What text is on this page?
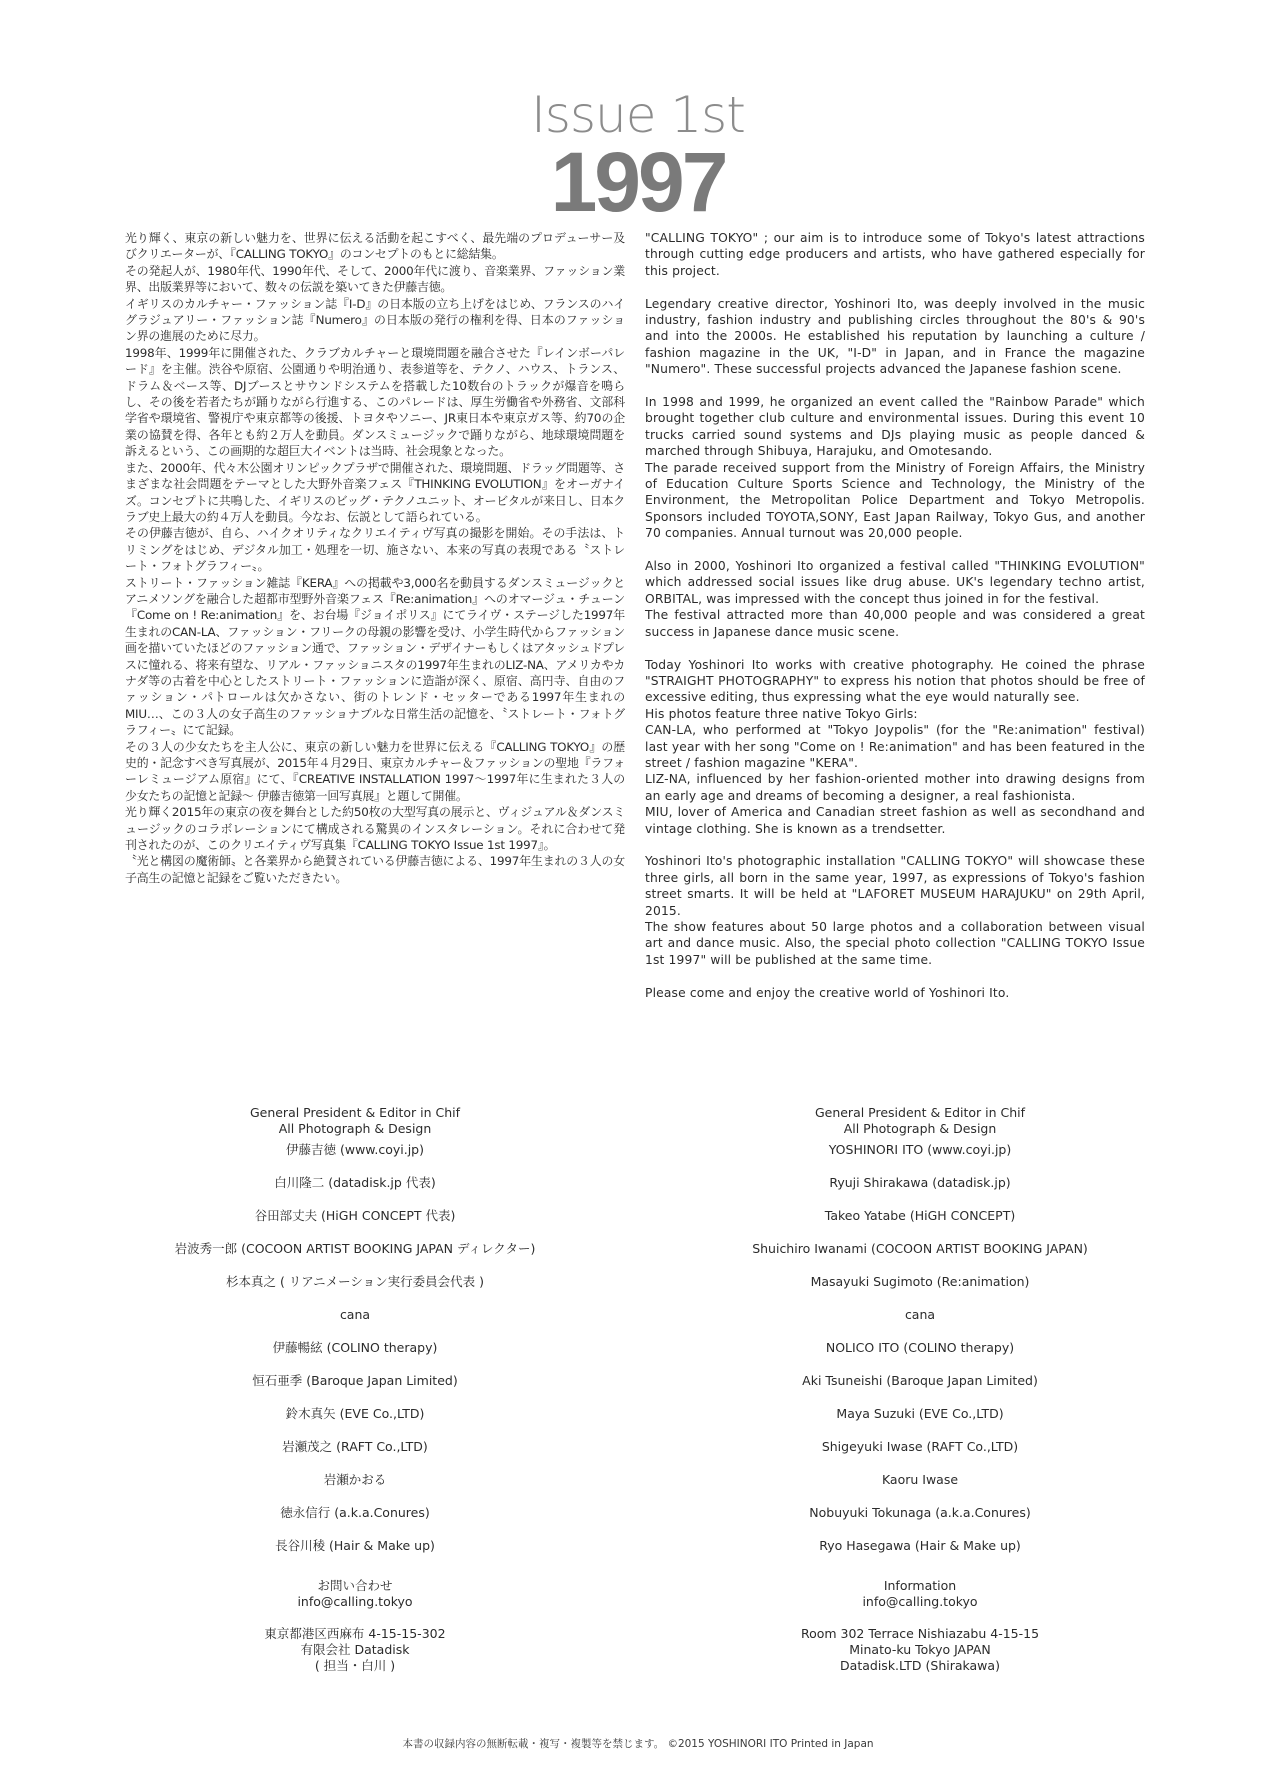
Issue 1st
1997

光り輝く、東京の新しい魅力を、世界に伝える活動を起こすべく、最先端のプロデューサー及びクリエーターが、『CALLING TOKYO』のコンセプトのもとに総結集。

その発起人が、1980年代、1990年代、そして、2000年代に渡り、音楽業界、ファッション業界、出版業界等において、数々の伝説を築いてきた伊藤吉徳。

イギリスのカルチャー・ファッション誌『I-D』の日本版の立ち上げをはじめ、フランスのハイグラジュアリー・ファッション誌『Numero』の日本版の発行の権利を得、日本のファッション界の進展のために尽力。

1998年、1999年に開催された、クラブカルチャーと環境問題を融合させた『レインボーパレード』を主催。渋谷や原宿、公園通りや明治通り、表参道等を、テクノ、ハウス、トランス、ドラム＆ベース等、DJブースとサウンドシステムを搭載した10数台のトラックが爆音を鳴らし、その後を若者たちが踊りながら行進する、このパレードは、厚生労働省や外務省、文部科学省や環境省、警視庁や東京都等の後援、トヨタやソニー、JR東日本や東京ガス等、約70の企業の協賛を得、各年とも約２万人を動員。ダンスミュージックで踊りながら、地球環境問題を訴えるという、この画期的な超巨大イベントは当時、社会現象となった。

また、2000年、代々木公園オリンピックプラザで開催された、環境問題、ドラッグ問題等、さまざまな社会問題をテーマとした大野外音楽フェス『THINKING EVOLUTION』をオーガナイズ。コンセプトに共鳴した、イギリスのビッグ・テクノユニット、オービタルが来日し、日本クラブ史上最大の約４万人を動員。今なお、伝説として語られている。

その伊藤吉徳が、自ら、ハイクオリティなクリエイティヴ写真の撮影を開始。その手法は、トリミングをはじめ、デジタル加工・処理を一切、施さない、本来の写真の表現である〝ストレート・フォトグラフィー〟。

ストリート・ファッション雑誌『KERA』への掲載や3,000名を動員するダンスミュージックとアニメソングを融合した超都市型野外音楽フェス『Re:animation』へのオマージュ・チューン『Come on ! Re:animation』を、お台場『ジョイポリス』にてライヴ・ステージした1997年生まれのCAN-LA、ファッション・フリークの母親の影響を受け、小学生時代からファッション画を描いていたほどのファッション通で、ファッション・デザイナーもしくはアタッシュドプレスに憧れる、将来有望な、リアル・ファッショニスタの1997年生まれのLIZ-NA、アメリカやカナダ等の古着を中心としたストリート・ファッションに造詣が深く、原宿、高円寺、自由のファッション・パトロールは欠かさない、街のトレンド・セッターである1997年生まれのMIU…、この３人の女子高生のファッショナブルな日常生活の記憶を、〝ストレート・フォトグラフィー〟にて記録。

その３人の少女たちを主人公に、東京の新しい魅力を世界に伝える『CALLING TOKYO』の歴史的・記念すべき写真展が、2015年４月29日、東京カルチャー＆ファッションの聖地『ラフォーレミュージアム原宿』にて、『CREATIVE INSTALLATION 1997～1997年に生まれた３人の少女たちの記憶と記録～ 伊藤吉徳第一回写真展』と題して開催。

光り輝く2015年の東京の夜を舞台とした約50枚の大型写真の展示と、ヴィジュアル＆ダンスミュージックのコラボレーションにて構成される驚異のインスタレーション。それに合わせて発刊されたのが、このクリエイティヴ写真集『CALLING TOKYO Issue 1st 1997』。

〝光と構図の魔術師〟と各業界から絶賛されている伊藤吉徳による、1997年生まれの３人の女子高生の記憶と記録をご覧いただきたい。

"CALLING TOKYO" ; our aim is to introduce some of Tokyo's latest attractions through cutting edge producers and artists, who have gathered especially for this project.

Legendary creative director, Yoshinori Ito, was deeply involved in the music industry, fashion industry and publishing circles throughout the 80's & 90's and into the 2000s. He established his reputation by launching a culture / fashion magazine in the UK, "I-D" in Japan, and in France the magazine "Numero". These successful projects advanced the Japanese fashion scene.

In 1998 and 1999, he organized an event called the "Rainbow Parade" which brought together club culture and environmental issues. During this event 10 trucks carried sound systems and DJs playing music as people danced & marched through Shibuya, Harajuku, and Omotesando.

The parade received support from the Ministry of Foreign Affairs, the Ministry of Education Culture Sports Science and Technology, the Ministry of the Environment, the Metropolitan Police Department and Tokyo Metropolis. Sponsors included TOYOTA,SONY, East Japan Railway, Tokyo Gus, and another 70 companies. Annual turnout was 20,000 people.

Also in 2000, Yoshinori Ito organized a festival called "THINKING EVOLUTION" which addressed social issues like drug abuse. UK's legendary techno artist, ORBITAL, was impressed with the concept thus joined in for the festival.

The festival attracted more than 40,000 people and was considered a great success in Japanese dance music scene.

Today Yoshinori Ito works with creative photography. He coined the phrase "STRAIGHT PHOTOGRAPHY" to express his notion that photos should be free of excessive editing, thus expressing what the eye would naturally see.

His photos feature three native Tokyo Girls:

CAN-LA, who performed at "Tokyo Joypolis" (for the "Re:animation" festival) last year with her song "Come on ! Re:animation" and has been featured in the street / fashion magazine "KERA".

LIZ-NA, influenced by her fashion-oriented mother into drawing designs from an early age and dreams of becoming a designer, a real fashionista.

MIU, lover of America and Canadian street fashion as well as secondhand and vintage clothing. She is known as a trendsetter.

Yoshinori Ito's photographic installation "CALLING TOKYO" will showcase these three girls, all born in the same year, 1997, as expressions of Tokyo's fashion street smarts. It will be held at "LAFORET MUSEUM HARAJUKU" on 29th April, 2015.

The show features about 50 large photos and a collaboration between visual art and dance music. Also, the special photo collection "CALLING TOKYO Issue 1st 1997" will be published at the same time.

Please come and enjoy the creative world of Yoshinori Ito.

General President & Editor in Chif
All Photograph & Design

伊藤吉徳 (www.coyi.jp)

白川隆二 (datadisk.jp 代表)

谷田部丈夫 (HiGH CONCEPT 代表)

岩波秀一郎 (COCOON ARTIST BOOKING JAPAN ディレクター)

杉本真之 ( リアニメーション実行委員会代表 )

cana

伊藤暢絃 (COLINO therapy)

恒石亜季 (Baroque Japan Limited)

鈴木真矢 (EVE Co.,LTD)

岩瀬茂之 (RAFT Co.,LTD)

岩瀬かおる

徳永信行 (a.k.a.Conures)

長谷川稜 (Hair & Make up)

General President & Editor in Chif
All Photograph & Design

YOSHINORI ITO (www.coyi.jp)

Ryuji Shirakawa (datadisk.jp)

Takeo Yatabe (HiGH CONCEPT)

Shuichiro Iwanami (COCOON ARTIST BOOKING JAPAN)

Masayuki Sugimoto (Re:animation)

cana

NOLICO ITO (COLINO therapy)

Aki Tsuneishi (Baroque Japan Limited)

Maya Suzuki (EVE Co.,LTD)

Shigeyuki Iwase (RAFT Co.,LTD)

Kaoru Iwase

Nobuyuki Tokunaga (a.k.a.Conures)

Ryo Hasegawa (Hair & Make up)

お問い合わせ

info@calling.tokyo

東京都港区西麻布 4-15-15-302

有限会社 Datadisk

( 担当・白川 )

Information

info@calling.tokyo

Room 302 Terrace Nishiazabu 4-15-15

Minato-ku Tokyo JAPAN

Datadisk.LTD (Shirakawa)

本書の収録内容の無断転載・複写・複製等を禁じます。 ©2015 YOSHINORI ITO Printed in Japan
